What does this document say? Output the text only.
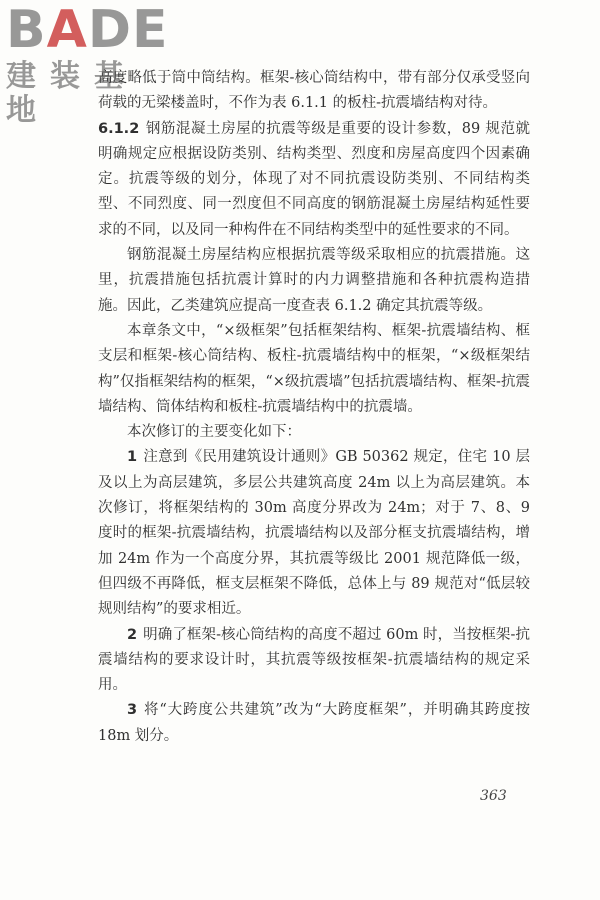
BADE
建装基地

高度略低于筒中筒结构。框架-核心筒结构中，带有部分仅承受竖向荷载的无梁楼盖时，不作为表 6.1.1 的板柱-抗震墙结构对待。

6.1.2 钢筋混凝土房屋的抗震等级是重要的设计参数，89 规范就明确规定应根据设防类别、结构类型、烈度和房屋高度四个因素确定。抗震等级的划分，体现了对不同抗震设防类别、不同结构类型、不同烈度、同一烈度但不同高度的钢筋混凝土房屋结构延性要求的不同，以及同一种构件在不同结构类型中的延性要求的不同。

钢筋混凝土房屋结构应根据抗震等级采取相应的抗震措施。这里，抗震措施包括抗震计算时的内力调整措施和各种抗震构造措施。因此，乙类建筑应提高一度查表 6.1.2 确定其抗震等级。

本章条文中，“×级框架”包括框架结构、框架-抗震墙结构、框支层和框架-核心筒结构、板柱-抗震墙结构中的框架，“×级框架结构”仅指框架结构的框架，“×级抗震墙”包括抗震墙结构、框架-抗震墙结构、筒体结构和板柱-抗震墙结构中的抗震墙。

本次修订的主要变化如下：

1 注意到《民用建筑设计通则》GB 50362 规定，住宅 10 层及以上为高层建筑，多层公共建筑高度 24m 以上为高层建筑。本次修订，将框架结构的 30m 高度分界改为 24m；对于 7、8、9 度时的框架-抗震墙结构，抗震墙结构以及部分框支抗震墙结构，增加 24m 作为一个高度分界，其抗震等级比 2001 规范降低一级，但四级不再降低，框支层框架不降低，总体上与 89 规范对“低层较规则结构”的要求相近。

2 明确了框架-核心筒结构的高度不超过 60m 时，当按框架-抗震墙结构的要求设计时，其抗震等级按框架-抗震墙结构的规定采用。

3 将“大跨度公共建筑”改为“大跨度框架”，并明确其跨度按 18m 划分。

363
